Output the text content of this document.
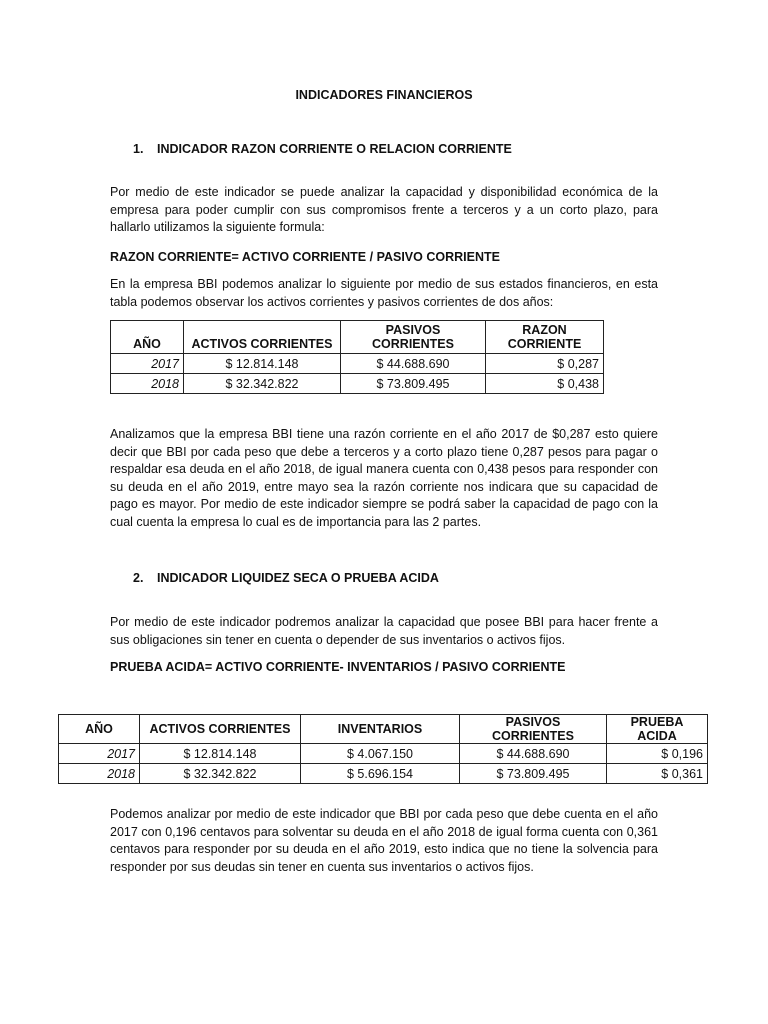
INDICADORES FINANCIEROS
1. INDICADOR RAZON CORRIENTE O RELACION CORRIENTE
Por medio de este indicador se puede analizar la capacidad y disponibilidad económica de la empresa para poder cumplir con sus compromisos frente a terceros y a un corto plazo, para hallarlo utilizamos la siguiente formula:
RAZON CORRIENTE= ACTIVO CORRIENTE / PASIVO CORRIENTE
En la empresa BBI podemos analizar lo siguiente por medio de sus estados financieros, en esta tabla podemos observar los activos corrientes y pasivos corrientes de dos años:
AÑO	ACTIVOS CORRIENTES	PASIVOS CORRIENTES	RAZON CORRIENTE
2017	$ 12.814.148	$ 44.688.690	$ 0,287
2018	$ 32.342.822	$ 73.809.495	$ 0,438
Analizamos que la empresa BBI tiene una razón corriente en el año 2017 de $0,287 esto quiere decir que BBI por cada peso que debe a terceros y a corto plazo tiene 0,287 pesos para pagar o respaldar esa deuda en el año 2018, de igual manera cuenta con 0,438 pesos para responder con su deuda en el año 2019, entre mayo sea la razón corriente nos indicara que su capacidad de pago es mayor. Por medio de este indicador siempre se podrá saber la capacidad de pago con la cual cuenta la empresa lo cual es de importancia para las 2 partes.
2. INDICADOR LIQUIDEZ SECA O PRUEBA ACIDA
Por medio de este indicador podremos analizar la capacidad que posee BBI para hacer frente a sus obligaciones sin tener en cuenta o depender de sus inventarios o activos fijos.
PRUEBA ACIDA= ACTIVO CORRIENTE- INVENTARIOS / PASIVO CORRIENTE
AÑO	ACTIVOS CORRIENTES	INVENTARIOS	PASIVOS CORRIENTES	PRUEBA ACIDA
2017	$ 12.814.148	$ 4.067.150	$ 44.688.690	$ 0,196
2018	$ 32.342.822	$ 5.696.154	$ 73.809.495	$ 0,361
Podemos analizar por medio de este indicador que BBI por cada peso que debe cuenta en el año 2017 con 0,196 centavos para solventar su deuda en el año 2018 de igual forma cuenta con 0,361 centavos para responder por su deuda en el año 2019, esto indica que no tiene la solvencia para responder por sus deudas sin tener en cuenta sus inventarios o activos fijos.
